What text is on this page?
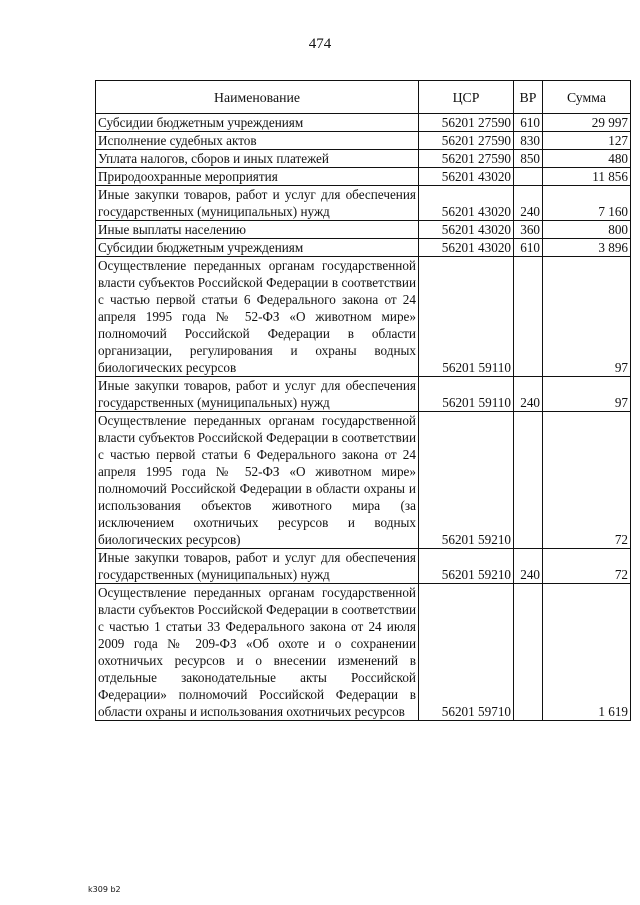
474
Наименование	ЦСР	ВР	Сумма
Субсидии бюджетным учреждениям	56201 27590	610	29 997
Исполнение судебных актов	56201 27590	830	127
Уплата налогов, сборов и иных платежей	56201 27590	850	480
Природоохранные мероприятия	56201 43020		11 856
Иные закупки товаров, работ и услуг для обеспечения государственных (муниципальных) нужд	56201 43020	240	7 160
Иные выплаты населению	56201 43020	360	800
Субсидии бюджетным учреждениям	56201 43020	610	3 896
Осуществление переданных органам государственной власти субъектов Российской Федерации в соответствии с частью первой статьи 6 Федерального закона от 24 апреля 1995 года № 52-ФЗ «О животном мире» полномочий Российской Федерации в области организации, регулирования и охраны водных биологических ресурсов	56201 59110		97
Иные закупки товаров, работ и услуг для обеспечения государственных (муниципальных) нужд	56201 59110	240	97
Осуществление переданных органам государственной власти субъектов Российской Федерации в соответствии с частью первой статьи 6 Федерального закона от 24 апреля 1995 года № 52-ФЗ «О животном мире» полномочий Российской Федерации в области охраны и использования объектов животного мира (за исключением охотничьих ресурсов и водных биологических ресурсов)	56201 59210		72
Иные закупки товаров, работ и услуг для обеспечения государственных (муниципальных) нужд	56201 59210	240	72
Осуществление переданных органам государственной власти субъектов Российской Федерации в соответствии с частью 1 статьи 33 Федерального закона от 24 июля 2009 года № 209-ФЗ «Об охоте и о сохранении охотничьих ресурсов и о внесении изменений в отдельные законодательные акты Российской Федерации» полномочий Российской Федерации в области охраны и использования охотничьих ресурсов	56201 59710		1 619
k309 b2
